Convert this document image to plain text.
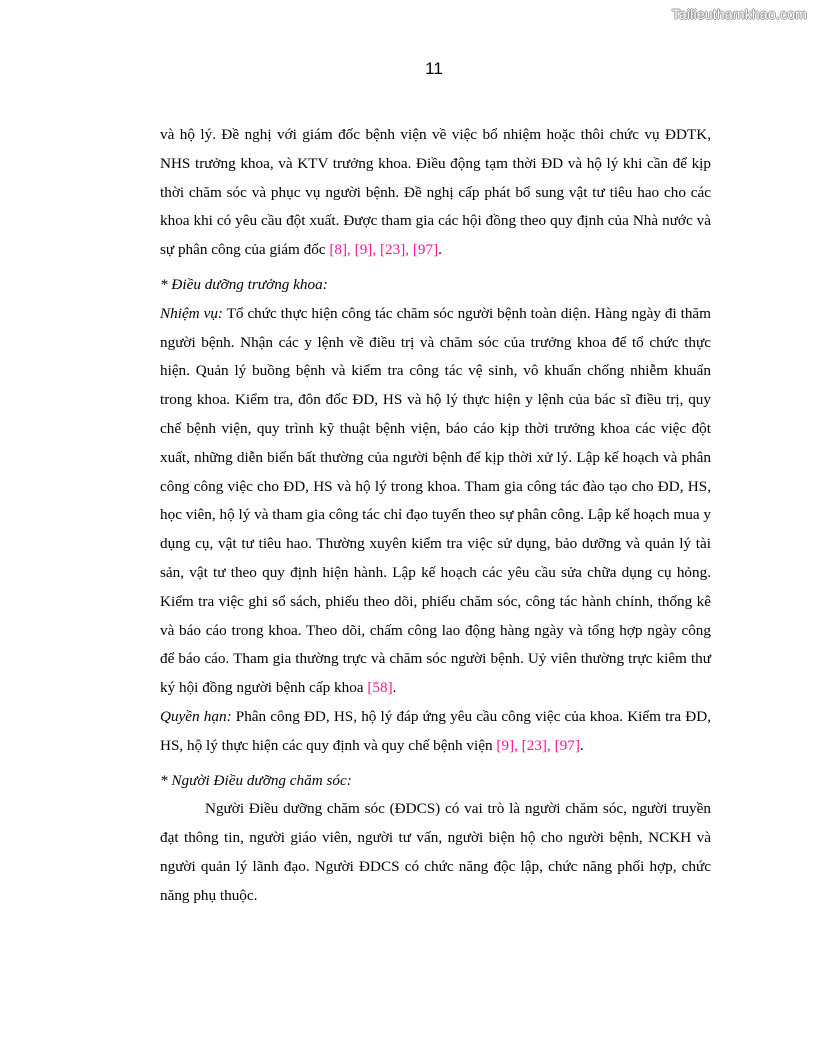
Tailieuthamkhao.com
11

và hộ lý. Đề nghị với giám đốc bệnh viện về việc bổ nhiệm hoặc thôi chức vụ ĐDTK, NHS trưởng khoa, và KTV trưởng khoa. Điều động tạm thời ĐD và hộ lý khi cần để kịp thời chăm sóc và phục vụ người bệnh. Đề nghị cấp phát bổ sung vật tư tiêu hao cho các khoa khi có yêu cầu đột xuất. Được tham gia các hội đồng theo quy định của Nhà nước và sự phân công của giám đốc [8], [9], [23], [97].

* Điều dưỡng trưởng khoa:

Nhiệm vụ: Tổ chức thực hiện công tác chăm sóc người bệnh toàn diện. Hàng ngày đi thăm người bệnh. Nhận các y lệnh về điều trị và chăm sóc của trưởng khoa để tổ chức thực hiện. Quản lý buồng bệnh và kiểm tra công tác vệ sinh, vô khuẩn chống nhiễm khuẩn trong khoa. Kiểm tra, đôn đốc ĐD, HS và hộ lý thực hiện y lệnh của bác sĩ điều trị, quy chế bệnh viện, quy trình kỹ thuật bệnh viện, báo cáo kịp thời trưởng khoa các việc đột xuất, những diễn biến bất thường của người bệnh để kịp thời xử lý. Lập kế hoạch và phân công công việc cho ĐD, HS và hộ lý trong khoa. Tham gia công tác đào tạo cho ĐD, HS, học viên, hộ lý và tham gia công tác chỉ đạo tuyến theo sự phân công. Lập kế hoạch mua y dụng cụ, vật tư tiêu hao. Thường xuyên kiểm tra việc sử dụng, bảo dưỡng và quản lý tài sản, vật tư theo quy định hiện hành. Lập kế hoạch các yêu cầu sửa chữa dụng cụ hỏng. Kiểm tra việc ghi sổ sách, phiếu theo dõi, phiếu chăm sóc, công tác hành chính, thống kê và báo cáo trong khoa. Theo dõi, chấm công lao động hàng ngày và tổng hợp ngày công để báo cáo. Tham gia thường trực và chăm sóc người bệnh. Uỷ viên thường trực kiêm thư ký hội đồng người bệnh cấp khoa [58].

Quyền hạn: Phân công ĐD, HS, hộ lý đáp ứng yêu cầu công việc của khoa. Kiểm tra ĐD, HS, hộ lý thực hiện các quy định và quy chế bệnh viện [9], [23], [97].

* Người Điều dưỡng chăm sóc:

Người Điều dưỡng chăm sóc (ĐDCS) có vai trò là người chăm sóc, người truyền đạt thông tin, người giáo viên, người tư vấn, người biện hộ cho người bệnh, NCKH và người quản lý lãnh đạo. Người ĐDCS có chức năng độc lập, chức năng phối hợp, chức năng phụ thuộc.
